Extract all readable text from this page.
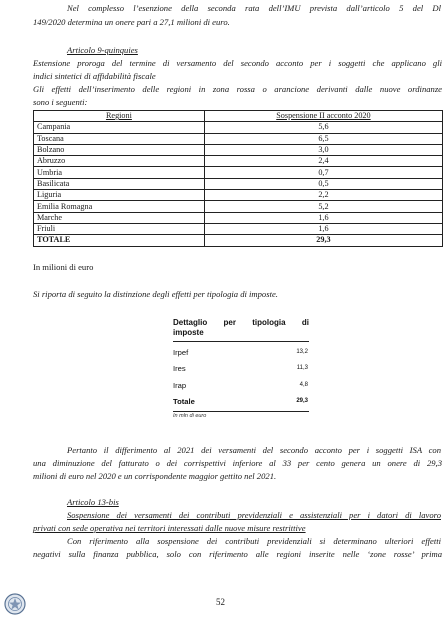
Nel complesso l’esenzione della seconda rata dell’IMU prevista dall’articolo 5 del Dl
149/2020 determina un onere pari a 27,1 milioni di euro.
Articolo 9-quinquies
Estensione proroga del termine di versamento del secondo acconto per i soggetti che applicano gli
indici sintetici di affidabilità fiscale
Gli effetti dell’inserimento delle regioni in zona rossa o arancione derivanti dalle nuove ordinanze
sono i seguenti:
Regioni	Sospensione II acconto 2020
Campania	5,6
Toscana	6,5
Bolzano	3,0
Abruzzo	2,4
Umbria	0,7
Basilicata	0,5
Liguria	2,2
Emilia Romagna	5,2
Marche	1,6
Friuli	1,6
TOTALE	29,3
In milioni di euro
Si riporta di seguito la distinzione degli effetti per tipologia di imposte.
Dettaglio per tipologia di
imposte
Irpef	13,2
Ires	11,3
Irap	4,8
Totale	29,3
In mln di euro
Pertanto il differimento al 2021 dei versamenti del secondo acconto per i soggetti ISA con
una diminuzione del fatturato o dei corrispettivi inferiore al 33 per cento genera un onere di 29,3
milioni di euro nel 2020 e un corrispondente maggior gettito nel 2021.
Articolo 13-bis
Sospensione dei versamenti dei contributi previdenziali e assistenziali per i datori di lavoro
privati con sede operativa nei territori interessati dalle nuove misure restrittive
Con riferimento alla sospensione dei contributi previdenziali si determinano ulteriori effetti
negativi sulla finanza pubblica, solo con riferimento alle regioni inserite nelle ‘zone rosse’ prima
52
